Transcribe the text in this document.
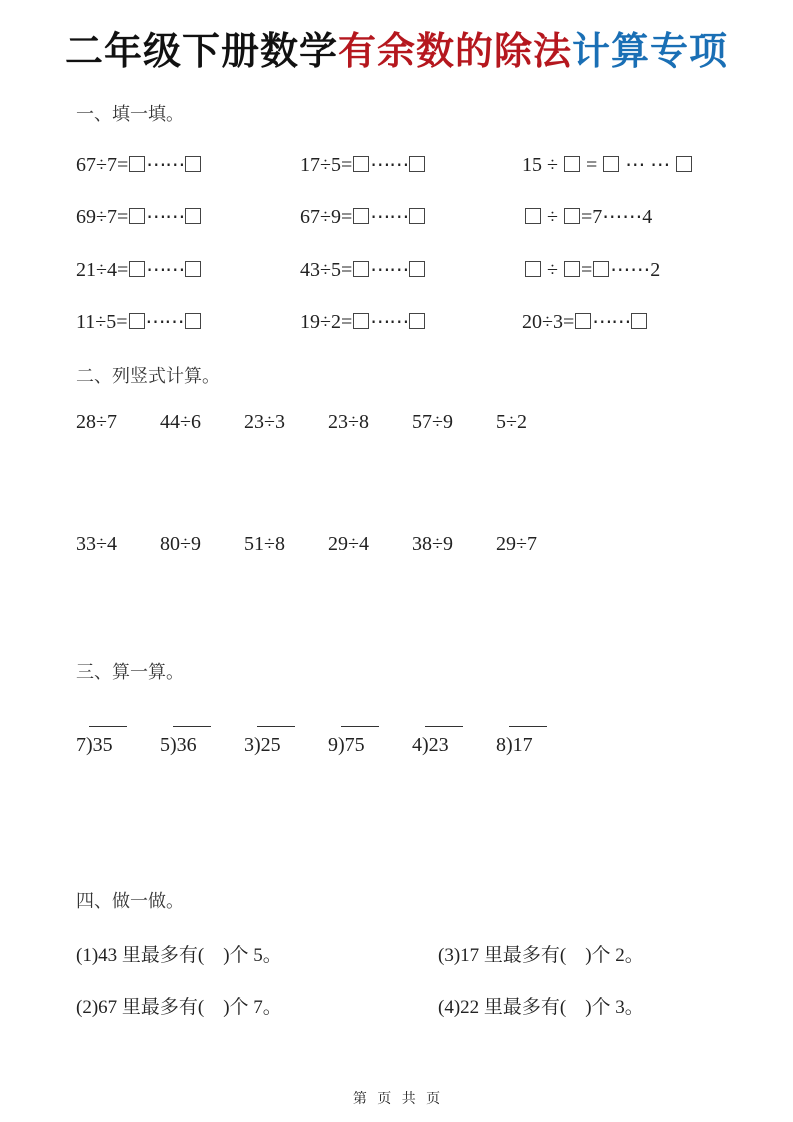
二年级下册数学有余数的除法计算专项
一、填一填。
67÷7= ⋯⋯	17÷5= ⋯⋯	15 ÷  =  ⋯ ⋯
69÷7= ⋯⋯	67÷9= ⋯⋯	÷ =7⋯⋯4
21÷4= ⋯⋯	43÷5= ⋯⋯	÷ = ⋯⋯2
11÷5= ⋯⋯	19÷2= ⋯⋯	20÷3= ⋯⋯
二、列竖式计算。
28÷7 44÷6 23÷3 23÷8 57÷9 5÷2
33÷4 80÷9 51÷8 29÷4 38÷9 29÷7
三、算一算。
7)35	5)36	3)25	9)75	4)23	8)17
四、做一做。
(1)43 里最多有(    )个 5。	(3)17 里最多有(    )个 2。
(2)67 里最多有(    )个 7。	(4)22 里最多有(    )个 3。
第 页 共 页
